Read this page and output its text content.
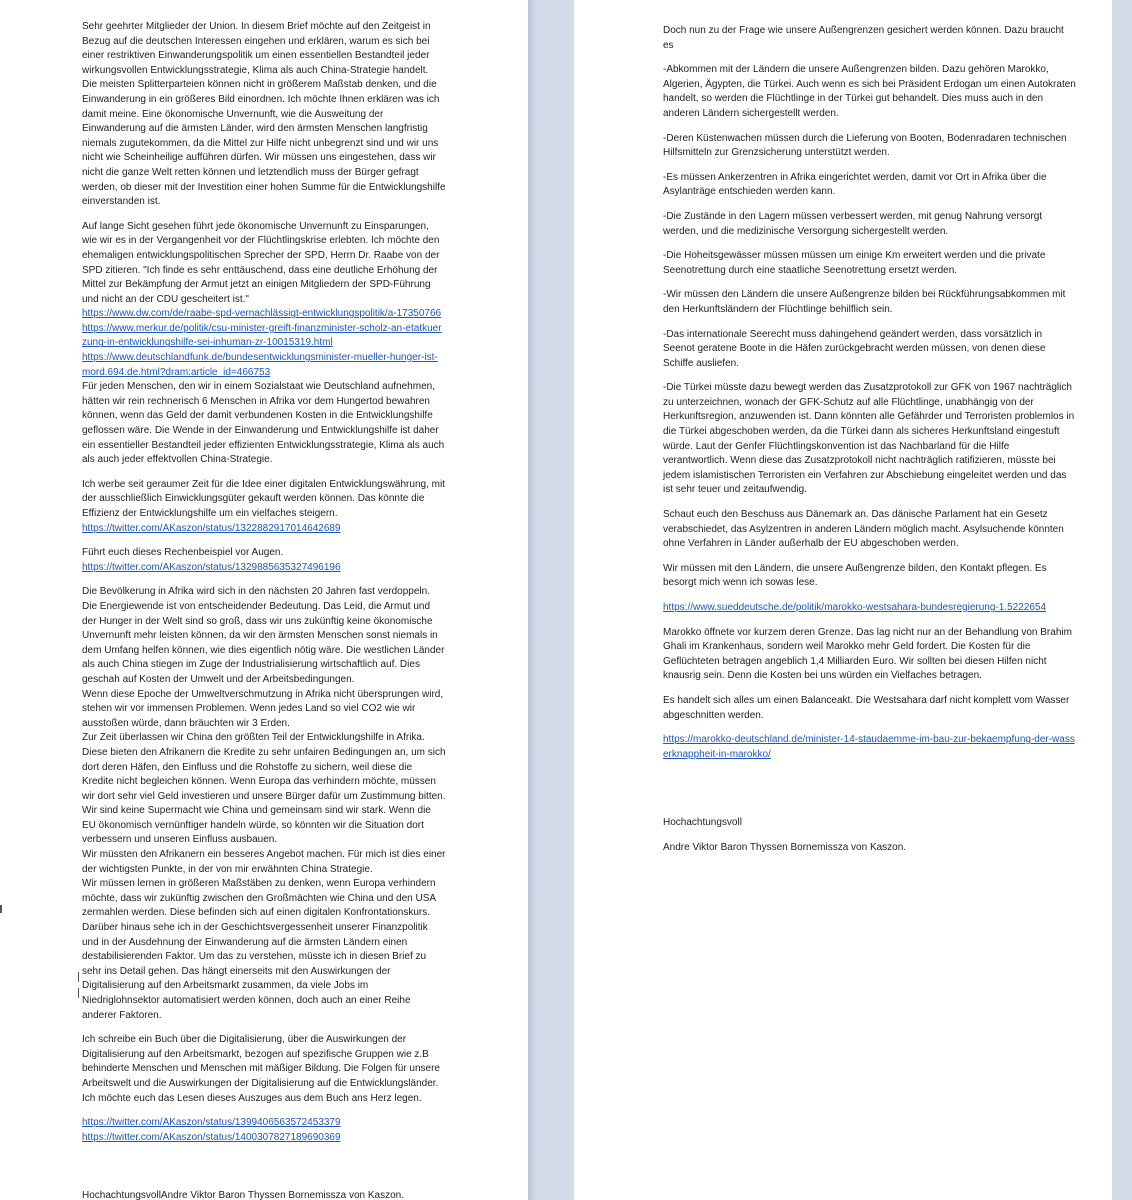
Sehr geehrter Mitglieder der Union. In diesem Brief möchte auf den Zeitgeist in Bezug auf die deutschen Interessen eingehen und erklären, warum es sich bei einer restriktiven Einwanderungspolitik um einen essentiellen Bestandteil jeder wirkungsvollen Entwicklungsstrategie, Klima als auch China-Strategie handelt. Die meisten Splitterparteien können nicht in größerem Maßstab denken, und die Einwanderung in ein größeres Bild einordnen. Ich möchte Ihnen erklären was ich damit meine. Eine ökonomische Unvernunft, wie die Ausweitung der Einwanderung auf die ärmsten Länder, wird den ärmsten Menschen langfristig niemals zugutekommen, da die Mittel zur Hilfe nicht unbegrenzt sind und wir uns nicht wie Scheinheilige aufführen dürfen. Wir müssen uns eingestehen, dass wir nicht die ganze Welt retten können und letztendlich muss der Bürger gefragt werden, ob dieser mit der Investition einer hohen Summe für die Entwicklungshilfe einverstanden ist.
Auf lange Sicht gesehen führt jede ökonomische Unvernunft zu Einsparungen, wie wir es in der Vergangenheit vor der Flüchtlingskrise erlebten. Ich möchte den ehemaligen entwicklungspolitischen Sprecher der SPD, Herrn Dr. Raabe von der SPD zitieren. "Ich finde es sehr enttäuschend, dass eine deutliche Erhöhung der Mittel zur Bekämpfung der Armut jetzt an einigen Mitgliedern der SPD-Führung und nicht an der CDU gescheitert ist."
https://www.dw.com/de/raabe-spd-vernachlässigt-entwicklungspolitik/a-17350766https://www.merkur.de/politik/csu-minister-greift-finanzminister-scholz-an-etatkuerzung-in-entwicklungshilfe-sei-inhuman-zr-10015319.html
https://www.deutschlandfunk.de/bundesentwicklungsminister-mueller-hunger-ist-mord.694.de.html?dram:article_id=466753
Für jeden Menschen, den wir in einem Sozialstaat wie Deutschland aufnehmen, hätten wir rein rechnerisch 6 Menschen in Afrika vor dem Hungertod bewahren können, wenn das Geld der damit verbundenen Kosten in die Entwicklungshilfe geflossen wäre. Die Wende in der Einwanderung und Entwicklungshilfe ist daher ein essentieller Bestandteil jeder effizienten Entwicklungsstrategie, Klima als auch als auch jeder effektvollen China-Strategie.
Ich werbe seit geraumer Zeit für die Idee einer digitalen Entwicklungswährung, mit der ausschließlich Einwicklungsgüter gekauft werden können. Das könnte die Effizienz der Entwicklungshilfe um ein vielfaches steigern.
https://twitter.com/AKaszon/status/1322882917014642689
Führt euch dieses Rechenbeispiel vor Augen.
https://twitter.com/AKaszon/status/1329885635327496196
Die Bevölkerung in Afrika wird sich in den nächsten 20 Jahren fast verdoppeln. Die Energiewende ist von entscheidender Bedeutung. Das Leid, die Armut und der Hunger in der Welt sind so groß, dass wir uns zukünftig keine ökonomische Unvernunft mehr leisten können, da wir den ärmsten Menschen sonst niemals in dem Umfang helfen können, wie dies eigentlich nötig wäre. Die westlichen Länder als auch China stiegen im Zuge der Industrialisierung wirtschaftlich auf. Dies geschah auf Kosten der Umwelt und der Arbeitsbedingungen.
Wenn diese Epoche der Umweltverschmutzung in Afrika nicht übersprungen wird, stehen wir vor immensen Problemen. Wenn jedes Land so viel CO2 wie wir ausstoßen würde, dann bräuchten wir 3 Erden.
Zur Zeit überlassen wir China den größten Teil der Entwicklungshilfe in Afrika. Diese bieten den Afrikanern die Kredite zu sehr unfairen Bedingungen an, um sich dort deren Häfen, den Einfluss und die Rohstoffe zu sichern, weil diese die Kredite nicht begleichen können. Wenn Europa das verhindern möchte, müssen wir dort sehr viel Geld investieren und unsere Bürger dafür um Zustimmung bitten. Wir sind keine Supermacht wie China und gemeinsam sind wir stark. Wenn die EU ökonomisch vernünftiger handeln würde, so könnten wir die Situation dort verbessern und unseren Einfluss ausbauen.
Wir müssten den Afrikanern ein besseres Angebot machen. Für mich ist dies einer der wichtigsten Punkte, in der von mir erwähnten China Strategie.
Wir müssen lernen in größeren Maßstäben zu denken, wenn Europa verhindern möchte, dass wir zukünftig zwischen den Großmächten wie China und den USA zermahlen werden. Diese befinden sich auf einen digitalen Konfrontationskurs.
Darüber hinaus sehe ich in der Geschichtsvergessenheit unserer Finanzpolitik und in der Ausdehnung der Einwanderung auf die ärmsten Ländern einen destabilisierenden Faktor. Um das zu verstehen, müsste ich in diesen Brief zu sehr ins Detail gehen. Das hängt einerseits mit den Auswirkungen der Digitalisierung auf den Arbeitsmarkt zusammen, da viele Jobs im Niedriglohnsektor automatisiert werden können, doch auch an einer Reihe anderer Faktoren.
Ich schreibe ein Buch über die Digitalisierung, über die Auswirkungen der Digitalisierung auf den Arbeitsmarkt, bezogen auf spezifische Gruppen wie z.B behinderte Menschen und Menschen mit mäßiger Bildung. Die Folgen für unsere Arbeitswelt und die Auswirkungen der Digitalisierung auf die Entwicklungsländer. Ich möchte euch das Lesen dieses Auszuges aus dem Buch ans Herz legen.
https://twitter.com/AKaszon/status/1399406563572453379
https://twitter.com/AKaszon/status/1400307827189690369
HochachtungsvollAndre Viktor Baron Thyssen Bornemissza von Kaszon.
Doch nun zu der Frage wie unsere Außengrenzen gesichert werden können. Dazu braucht es
-Abkommen mit der Ländern die unsere Außengrenzen bilden. Dazu gehören Marokko, Algerien, Ägypten, die Türkei. Auch wenn es sich bei Präsident Erdogan um einen Autokraten handelt, so werden die Flüchtlinge in der Türkei gut behandelt. Dies muss auch in den anderen Ländern sichergestellt werden.
-Deren Küstenwachen müssen durch die Lieferung von Booten, Bodenradaren technischen Hilfsmitteln zur Grenzsicherung unterstützt werden.
-Es müssen Ankerzentren in Afrika eingerichtet werden, damit vor Ort in Afrika über die Asylanträge entschieden werden kann.
-Die Zustände in den Lagern müssen verbessert werden, mit genug Nahrung versorgt werden, und die medizinische Versorgung sichergestellt werden.
-Die Hoheitsgewässer müssen müssen um einige Km erweitert werden und die private Seenotrettung durch eine staatliche Seenotrettung ersetzt werden.
-Wir müssen den Ländern die unsere Außengrenze bilden bei Rückführungsabkommen mit den Herkunftsländern der Flüchtlinge behilflich sein.
-Das internationale Seerecht muss dahingehend geändert werden, dass vorsätzlich in Seenot geratene Boote in die Häfen zurückgebracht werden müssen, von denen diese Schiffe ausliefen.
-Die Türkei müsste dazu bewegt werden das Zusatzprotokoll zur GFK von 1967 nachträglich zu unterzeichnen, wonach der GFK-Schutz auf alle Flüchtlinge, unabhängig von der Herkunftsregion, anzuwenden ist. Dann könnten alle Gefährder und Terroristen problemlos in die Türkei abgeschoben werden, da die Türkei dann als sicheres Herkunftsland eingestuft würde. Laut der Genfer Flüchtlingskonvention ist das Nachbarland für die Hilfe verantwortlich. Wenn diese das Zusatzprotokoll nicht nachträglich ratifizieren, müsste bei jedem islamistischen Terroristen ein Verfahren zur Abschiebung eingeleitet werden und das ist sehr teuer und zeitaufwendig.
Schaut euch den Beschuss aus Dänemark an. Das dänische Parlament hat ein Gesetz verabschiedet, das Asylzentren in anderen Ländern möglich macht. Asylsuchende könnten ohne Verfahren in Länder außerhalb der EU abgeschoben werden.
Wir müssen mit den Ländern, die unsere Außengrenze bilden, den Kontakt pflegen. Es besorgt mich wenn ich sowas lese.
https://www.sueddeutsche.de/politik/marokko-westsahara-bundesregierung-1.5222654
Marokko öffnete vor kurzem deren Grenze. Das lag nicht nur an der Behandlung von Brahim Ghali im Krankenhaus, sondern weil Marokko mehr Geld fordert. Die Kosten für die Geflüchteten betragen angeblich 1,4 Milliarden Euro. Wir sollten bei diesen Hilfen nicht knausrig sein. Denn die Kosten bei uns würden ein Vielfaches betragen.
Es handelt sich alles um einen Balanceakt. Die Westsahara darf nicht komplett vom Wasser abgeschnitten werden.
https://marokko-deutschland.de/minister-14-staudaemme-im-bau-zur-bekaempfung-der-wasserknappheit-in-marokko/
Hochachtungsvoll
Andre Viktor Baron Thyssen Bornemissza von Kaszon.
